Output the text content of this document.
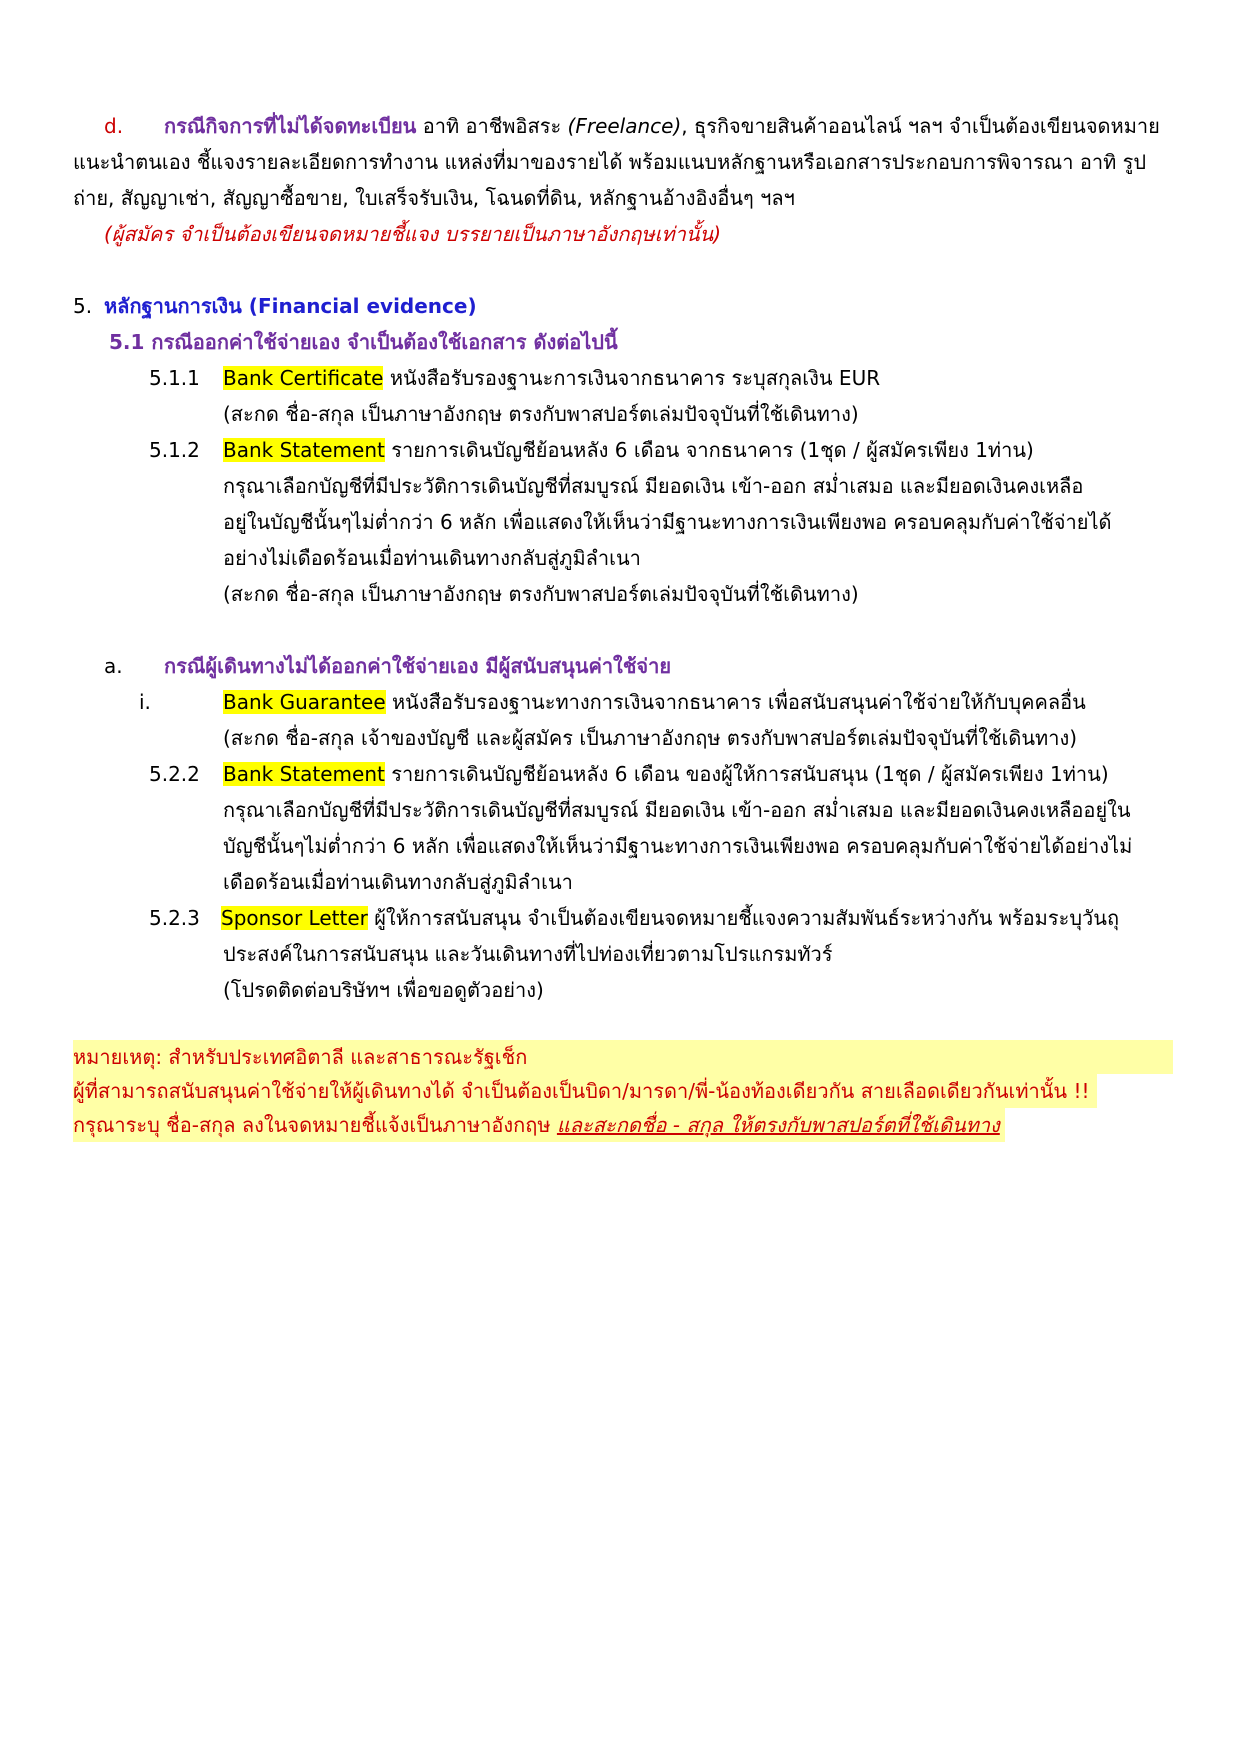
d. กรณีกิจการที่ไม่ได้จดทะเบียน อาทิ อาชีพอิสระ (Freelance), ธุรกิจขายสินค้าออนไลน์ ฯลฯ จำเป็นต้องเขียนจดหมาย
แนะนำตนเอง ชี้แจงรายละเอียดการทำงาน แหล่งที่มาของรายได้ พร้อมแนบหลักฐานหรือเอกสารประกอบการพิจารณา อาทิ รูป
ถ่าย, สัญญาเช่า, สัญญาซื้อขาย, ใบเสร็จรับเงิน, โฉนดที่ดิน, หลักฐานอ้างอิงอื่นๆ ฯลฯ
(ผู้สมัคร จำเป็นต้องเขียนจดหมายชี้แจง บรรยายเป็นภาษาอังกฤษเท่านั้น)
5. หลักฐานการเงิน (Financial evidence)
5.1 กรณีออกค่าใช้จ่ายเอง จำเป็นต้องใช้เอกสาร ดังต่อไปนี้
5.1.1 Bank Certificate หนังสือรับรองฐานะการเงินจากธนาคาร ระบุสกุลเงิน EUR
(สะกด ชื่อ-สกุล เป็นภาษาอังกฤษ ตรงกับพาสปอร์ตเล่มปัจจุบันที่ใช้เดินทาง)
5.1.2 Bank Statement รายการเดินบัญชีย้อนหลัง 6 เดือน จากธนาคาร (1ชุด / ผู้สมัครเพียง 1ท่าน)
กรุณาเลือกบัญชีที่มีประวัติการเดินบัญชีที่สมบูรณ์ มียอดเงิน เข้า-ออก สม่ำเสมอ และมียอดเงินคงเหลือ
อยู่ในบัญชีนั้นๆไม่ต่ำกว่า 6 หลัก เพื่อแสดงให้เห็นว่ามีฐานะทางการเงินเพียงพอ ครอบคลุมกับค่าใช้จ่ายได้
อย่างไม่เดือดร้อนเมื่อท่านเดินทางกลับสู่ภูมิลำเนา
(สะกด ชื่อ-สกุล เป็นภาษาอังกฤษ ตรงกับพาสปอร์ตเล่มปัจจุบันที่ใช้เดินทาง)
a. กรณีผู้เดินทางไม่ได้ออกค่าใช้จ่ายเอง มีผู้สนับสนุนค่าใช้จ่าย
i.	Bank Guarantee หนังสือรับรองฐานะทางการเงินจากธนาคาร เพื่อสนับสนุนค่าใช้จ่ายให้กับบุคคลอื่น
(สะกด ชื่อ-สกุล เจ้าของบัญชี และผู้สมัคร เป็นภาษาอังกฤษ ตรงกับพาสปอร์ตเล่มปัจจุบันที่ใช้เดินทาง)
5.2.2 Bank Statement รายการเดินบัญชีย้อนหลัง 6 เดือน ของผู้ให้การสนับสนุน (1ชุด / ผู้สมัครเพียง 1ท่าน)
กรุณาเลือกบัญชีที่มีประวัติการเดินบัญชีที่สมบูรณ์ มียอดเงิน เข้า-ออก สม่ำเสมอ และมียอดเงินคงเหลืออยู่ใน
บัญชีนั้นๆไม่ต่ำกว่า 6 หลัก เพื่อแสดงให้เห็นว่ามีฐานะทางการเงินเพียงพอ ครอบคลุมกับค่าใช้จ่ายได้อย่างไม่
เดือดร้อนเมื่อท่านเดินทางกลับสู่ภูมิลำเนา
5.2.3 Sponsor Letter ผู้ให้การสนับสนุน จำเป็นต้องเขียนจดหมายชี้แจงความสัมพันธ์ระหว่างกัน พร้อมระบุวันถุ
ประสงค์ในการสนับสนุน และวันเดินทางที่ไปท่องเที่ยวตามโปรแกรมทัวร์
(โปรดติดต่อบริษัทฯ เพื่อขอดูตัวอย่าง)
หมายเหตุ: สำหรับประเทศอิตาลี และสาธารณะรัฐเช็ก
ผู้ที่สามารถสนับสนุนค่าใช้จ่ายให้ผู้เดินทางได้ จำเป็นต้องเป็นบิดา/มารดา/พี่-น้องท้องเดียวกัน สายเลือดเดียวกันเท่านั้น !!
กรุณาระบุ ชื่อ-สกุล ลงในจดหมายชี้แจ้งเป็นภาษาอังกฤษ และสะกดชื่อ - สกุล ให้ตรงกับพาสปอร์ตที่ใช้เดินทาง
